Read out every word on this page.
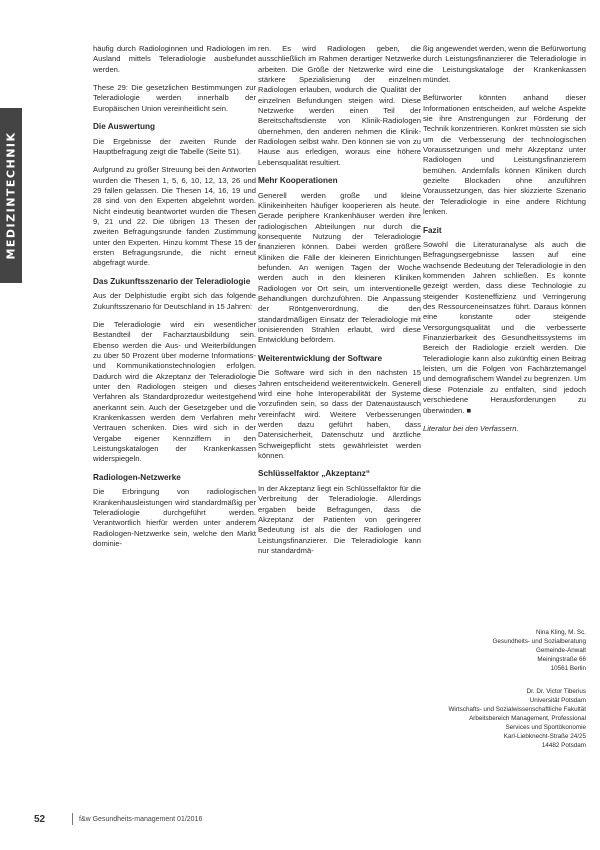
MEDIZINTECHNIK

häufig durch Radiologinnen und Radiologen im Ausland mittels Teleradiologie ausbefundet werden.

These 29: Die gesetzlichen Bestimmungen zur Teleradiologie werden innerhalb der Europäischen Union vereinheitlicht sein.

Die Auswertung

Die Ergebnisse der zweiten Runde der Hauptbefragung zeigt die Tabelle (Seite 51).

Aufgrund zu großer Streuung bei den Antworten wurden die Thesen 1, 5, 6, 10, 12, 13, 26 und 29 fallen gelassen. Die Thesen 14, 16, 19 und 28 sind von den Experten abgelehnt worden. Nicht eindeutig beantwortet wurden die Thesen 9, 21 und 22. Die übrigen 13 Thesen der zweiten Befragungsrunde fanden Zustimmung unter den Experten. Hinzu kommt These 15 der ersten Befragungsrunde, die nicht erneut abgefragt wurde.

Das Zukunftsszenario der Teleradiologie

Aus der Delphistudie ergibt sich das folgende Zukunftsszenario für Deutschland in 15 Jahren:

Die Teleradiologie wird ein wesentlicher Bestandteil der Facharztausbildung sein. Ebenso werden die Aus- und Weiterbildungen zu über 50 Prozent über moderne Informations- und Kommunikationstechnologien erfolgen. Dadurch wird die Akzeptanz der Teleradiologie unter den Radiologen steigen und dieses Verfahren als Standardprozedur weitestgehend anerkannt sein. Auch der Gesetzgeber und die Krankenkassen werden dem Verfahren mehr Vertrauen schenken. Dies wird sich in der Vergabe eigener Kennziffern in den Leistungskatalogen der Krankenkassen widerspiegeln.

Radiologen-Netzwerke

Die Erbringung von radiologischen Krankenhausleistungen wird standardmäßig per Teleradiologie durchgeführt werden. Verantwortlich hierfür werden unter anderem Radiologen-Netzwerke sein, welche den Markt dominie-

ren. Es wird Radiologen geben, die ausschließlich im Rahmen derartiger Netzwerke arbeiten. Die Größe der Netzwerke wird eine stärkere Spezialisierung der einzelnen Radiologen erlauben, wodurch die Qualität der einzelnen Befundungen steigen wird. Diese Netzwerke werden einen Teil der Bereitschaftsdienste von Klinik-Radiologen übernehmen, den anderen nehmen die Klinik-Radiologen selbst wahr. Den können sie von zu Hause aus erledigen, woraus eine höhere Lebensqualität resultiert.

Mehr Kooperationen

Generell werden große und kleine Klinikeinheiten häufiger kooperieren als heute. Gerade periphere Krankenhäuser werden ihre radiologischen Abteilungen nur durch die konsequente Nutzung der Teleradiologie finanzieren können. Dabei werden größere Kliniken die Fälle der kleineren Einrichtungen befunden. An wenigen Tagen der Woche werden auch in den kleineren Kliniken Radiologen vor Ort sein, um interventionelle Behandlungen durchzuführen. Die Anpassung der Röntgenverordnung, die den standardmäßigen Einsatz der Teleradiologie mit ionisierenden Strahlen erlaubt, wird diese Entwicklung befördern.

Weiterentwicklung der Software

Die Software wird sich in den nächsten 15 Jahren entscheidend weiterentwickeln. Generell wird eine hohe Interoperabilität der Systeme vorzufinden sein, so dass der Datenaustausch vereinfacht wird. Weitere Verbesserungen werden dazu geführt haben, dass Datensicherheit, Datenschutz und ärztliche Schweigepflicht stets gewährleistet werden können.

Schlüsselfaktor „Akzeptanz“

In der Akzeptanz liegt ein Schlüsselfaktor für die Verbreitung der Teleradiologie. Allerdings ergaben beide Befragungen, dass die Akzeptanz der Patienten von geringerer Bedeutung ist als die der Radiologen und Leistungsfinanzierer. Die Teleradiologie kann nur standardmä-

ßig angewendet werden, wenn die Befürwortung durch Leistungsfinanzierer die Teleradiologie in die Leistungskataloge der Krankenkassen mündet.

Befürworter könnten anhand dieser Informationen entscheiden, auf welche Aspekte sie ihre Anstrengungen zur Förderung der Technik konzentrieren. Konkret müssten sie sich um die Verbesserung der technologischen Voraussetzungen und mehr Akzeptanz unter Radiologen und Leistungsfinanzierern bemühen. Andernfalls können Kliniken durch gezielte Blockaden ohne anzuführen Voraussetzungen, das hier skizzierte Szenario der Teleradiologie in eine andere Richtung lenken.

Fazit

Sowohl die Literaturanalyse als auch die Befragungsergebnisse lassen auf eine wachsende Bedeutung der Teleradiologie in den kommenden Jahren schließen. Es konnte gezeigt werden, dass diese Technologie zu steigender Kosteneffizienz und Verringerung des Ressourceneinsatzes führt. Daraus können eine konstante oder steigende Versorgungsqualität und die verbesserte Finanzierbarkeit des Gesundheitssystems im Bereich der Radiologie erzielt werden. Die Teleradiologie kann also zukünftig einen Beitrag leisten, um die Folgen von Fachärztemangel und demografischem Wandel zu begrenzen. Um diese Potenziale zu entfalten, sind jedoch verschiedene Herausforderungen zu überwinden. ■

Literatur bei den Verfassern.

Nina Kling, M. Sc.
Gesundheits- und Sozialberatung
Gemeinde-Anwalt
Meiningstraße 66
10561 Berlin
Dr. Dr. Victor Tiberius
Universität Potsdam
Wirtschafts- und Sozialwissenschaftliche Fakultät
Arbeitsbereich Management, Professional
Services und Sportökonomie
Karl-Liebknecht-Straße 24/25
14482 Potsdam
52	f&w Gesundheits-management 01/2016
